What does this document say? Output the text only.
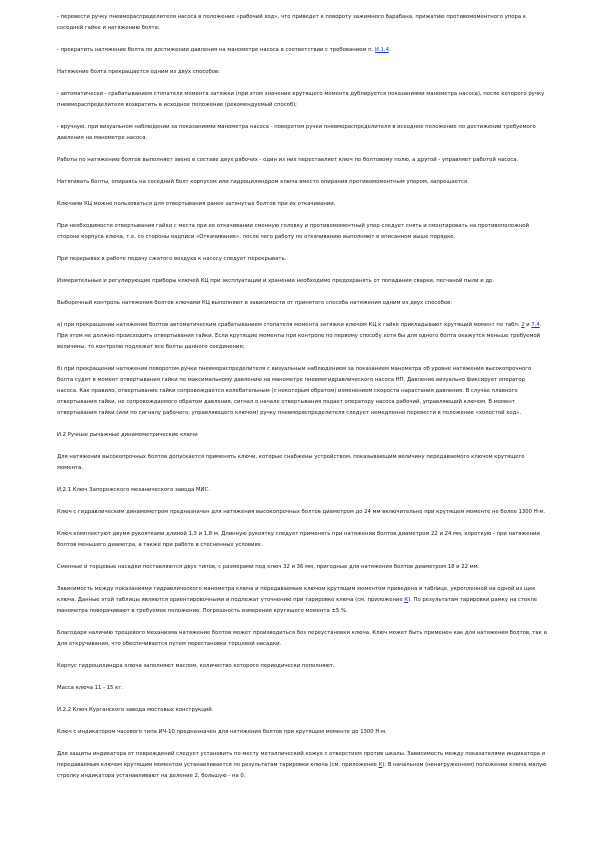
- перевести ручку пневмораспределителя насоса в положение «рабочий ход», что приведет к повороту зажимного барабана, прижатию противомоментного упора к соседней гайке и натяжению болта;

- прекратить натяжение болта по достижении давления на манометре насоса в соответствии с требованием п. И.1.4.

Натяжение болта прекращается одним из двух способов:

- автоматически - срабатыванием стопателя момента затяжки (при этом значение крутящего момента дублируется показаниями манометра насоса), после которого ручку пневмораспределителя возвратить в исходное положение (рекомендуемый способ);

- вручную, при визуальном наблюдении за показаниями манометра насоса - поворотом ручки пневмораспределителя в исходное положение по достижении требуемого давления на манометре насоса.

Работы по натяжению болтов выполняет звено в составе двух рабочих - один из них переставляет ключ по болтовому полю, а другой - управляет работой насоса.

Натягивать болты, опираясь на соседний болт корпусом или гидроцилиндром ключа вместо опирания противомоментным упором, запрещается.

Ключами КЦ можно пользоваться для отвертывания ранее затянутых болтов при их откачивании.

При необходимости отвертывания гайки с места при ее откачивании сменную головку и противомоментный упор следует снять и смонтировать на противоположной стороне корпуса ключа, т.е. со стороны надписи «Откачивание», после чего работу по откачиванию выполняют в описанном выше порядке.

При перерывах в работе подачу сжатого воздуха к насосу следует перекрывать.

Измерительные и регулирующие приборы ключей КЦ при эксплуатации и хранении необходимо предохранять от попадания сварки, песчаной пыли и др.

Выборочный контроль натяжения болтов ключами КЦ выполняют в зависимости от принятого способа натяжения одним из двух способов:

а) при прекращении натяжения болтов автоматическим срабатыванием стопателя момента затяжки ключом КЦ к гайке прикладывают крутящий момент по табл. 2 и 7.4. При этом не должно происходить отвертывания гайки. Если крутящие моменты при контроле по первому способу хотя бы для одного болта окажутся меньше требуемой величины, то контролю подлежат все болты данного соединения;

б) при прекращении натяжения поворотом ручки пневмораспределителя с визуальным наблюдением за показанием манометра об уровне натяжения высокопрочного болта судят в момент отвертывания гайки по максимальному давлению на манометре пневмогидравлического насоса НП. Давление визуально фиксирует оператор насоса. Как правило, отвертывание гайки сопровождается колебательным (с некоторым обратом) изменением скорости нарастания давления. В случае плавного отвертывания гайки, не сопровождаемого обратом давления, сигнал о начале отвертывания подает оператору насоса рабочий, управляющий ключом. В момент отвертывания гайки (или по сигналу рабочего, управляющего ключом) ручку пневмораспределителя следует немедленно перевести в положение «холостой ход».

И.2 Ручные рычажные динамометрические ключи

Для натяжения высокопрочных болтов допускается применять ключи, которые снабжены устройством, показывающим величину передаваемого ключом крутящего момента.

И.2.1 Ключ Запорожского механического завода МИС.

Ключ с гидравлическим динамометром предназначен для натяжения высокопрочных болтов диаметром до 24 мм включительно при крутящем моменте не более 1300 Н·м.

Ключ комплектуют двумя рукоятками длиной 1,3 и 1,8 м. Длинную рукоятку следует применять при натяжении болтов диаметром 22 и 24 мм, короткую - при натяжении болтов меньшего диаметра, а также при работе в стесненных условиях.

Сменные и торцевые насадки поставляются двух типов, с размерами под ключ 32 и 36 мм, пригодные для натяжения болтов диаметром 18 и 22 мм.

Зависимость между показаниями гидравлического манометра ключа и передаваемым ключом крутящим моментом приведена в таблице, укрепленной на одной из щек ключа. Данные этой таблицы являются ориентировочными и подлежат уточнению при тарировке ключа (см. приложение К). По результатам тарировки рамку на стекле манометра поворачивают в требуемое положение. Погрешность измерения крутящего момента ±5 %.

Благодаря наличию трещевого механизма натяжение болтов может производиться без переустановки ключа. Ключ может быть применен как для натяжения болтов, так и для откручивания, что обеспечивается путем перестановки торцевой насадки.

Корпус гидроцилиндра ключа заполняют маслом, количество которого периодически пополняют.

Масса ключа 11 - 15 кг.

И.2.2 Ключ Курганского завода мостовых конструкций.

Ключ с индикатором часового типа ИЧ-10 предназначен для натяжения болтов при крутящем моменте до 1300 Н·м.

Для защиты индикатора от повреждений следует установить по месту металлический кожух с отверстием против шкалы. Зависимость между показателями индикатора и передаваемым ключом крутящим моментом устанавливается по результатам тарировки ключа (см. приложение К). В начальном (ненагруженном) положении ключа малую стрелку индикатора устанавливают на деление 2, большую - на 0.
